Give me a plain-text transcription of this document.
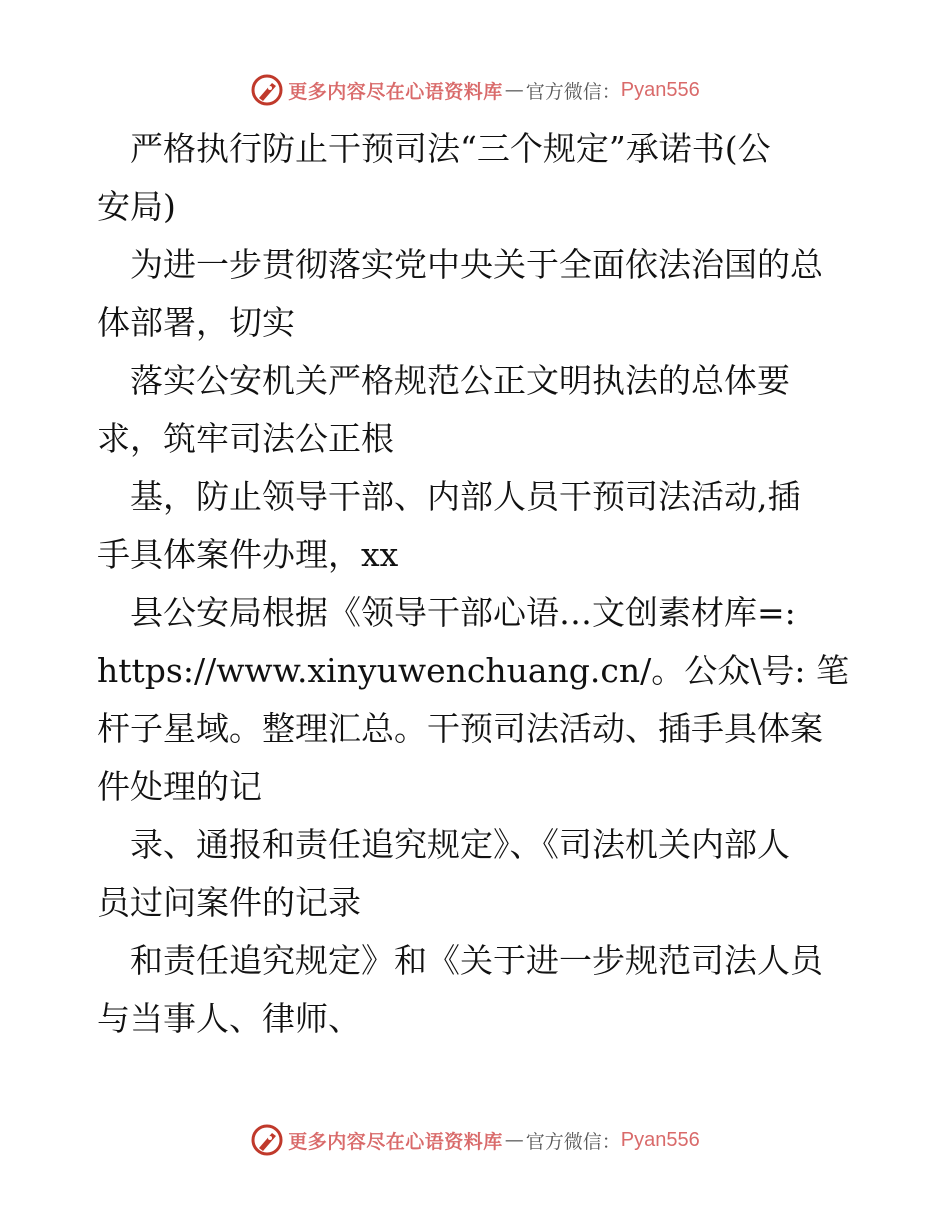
更多内容尽在心语资料库 — 官方微信： Pyan556

　严格执行防止干预司法“三个规定”承诺书(公

安局)

　为进一步贯彻落实党中央关于全面依法治国的总

体部署，切实

　落实公安机关严格规范公正文明执法的总体要

求，筑牢司法公正根

　基，防止领导干部、内部人员干预司法活动,插

手具体案件办理，xx

　县公安局根据《领导干部心语…文创素材库=:

https://www.xinyuwenchuang.cn/。公众\号: 笔

杆子星域。整理汇总。干预司法活动、插手具体案

件处理的记

　录、通报和责任追究规定》、《司法机关内部人

员过问案件的记录

　和责任追究规定》和《关于进一步规范司法人员

与当事人、律师、

更多内容尽在心语资料库 — 官方微信： Pyan556
